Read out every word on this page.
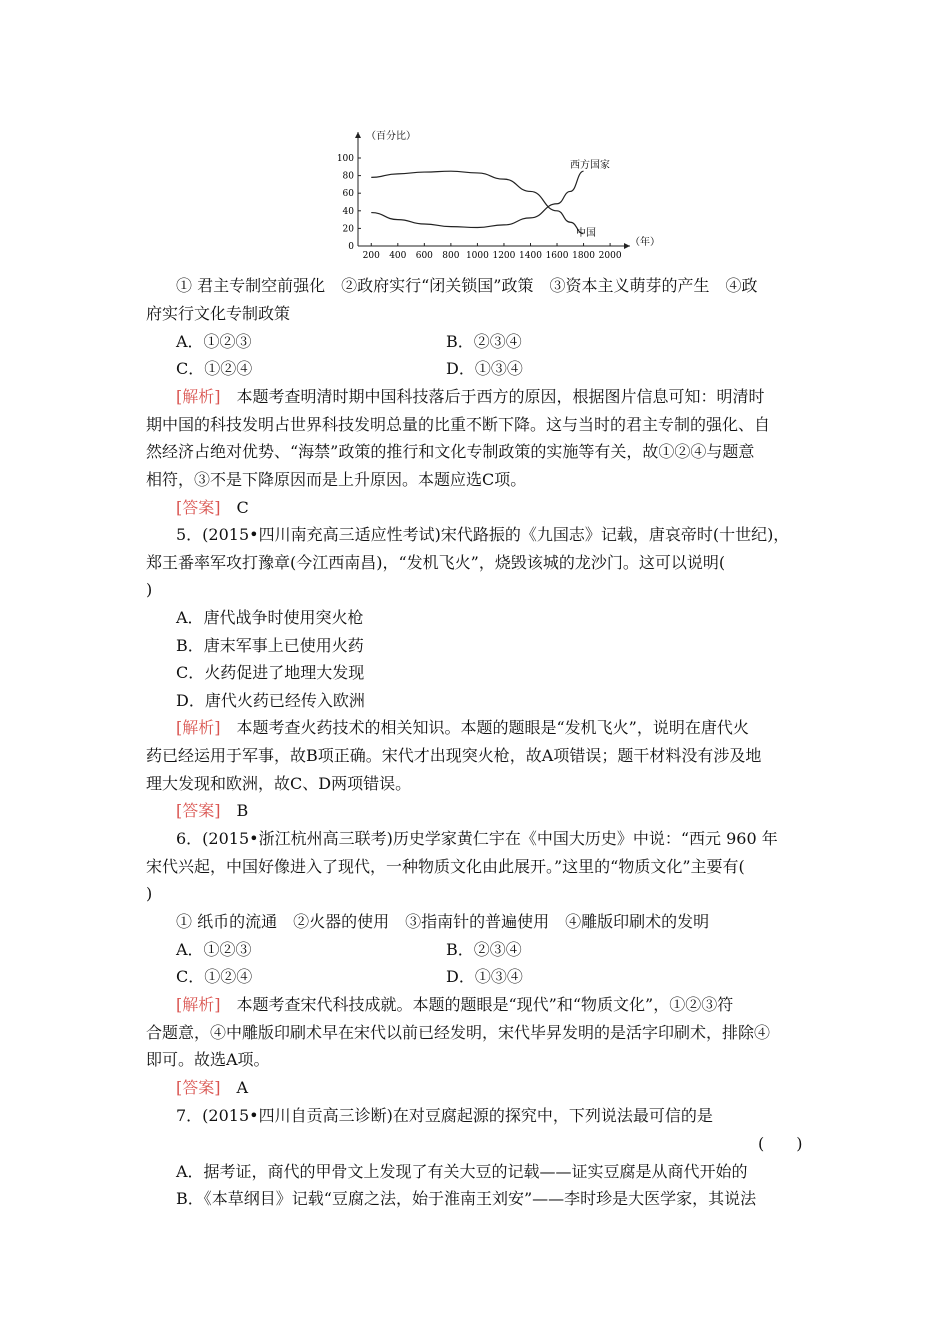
0
20
40
60
80
100
200 400 600 800 1000 1200 1400 1600 1800 2000
（百分比）
（年）
西方国家
中国
① 君主专制空前强化　②政府实行“闭关锁国”政策　③资本主义萌芽的产生　④政
府实行文化专制政策
A．①②③	B．②③④
C．①②④	D．①③④
[解析]　本题考查明清时期中国科技落后于西方的原因，根据图片信息可知：明清时
期中国的科技发明占世界科技发明总量的比重不断下降。这与当时的君主专制的强化、自
然经济占绝对优势、“海禁”政策的推行和文化专制政策的实施等有关，故①②④与题意
相符，③不是下降原因而是上升原因。本题应选C项。
[答案]　C
5．(2015•四川南充高三适应性考试)宋代路振的《九国志》记载，唐哀帝时(十世纪)，
郑王番率军攻打豫章(今江西南昌)，“发机飞火”，烧毁该城的龙沙门。这可以说明(
)
A．唐代战争时使用突火枪
B．唐末军事上已使用火药
C．火药促进了地理大发现
D．唐代火药已经传入欧洲
[解析]　本题考查火药技术的相关知识。本题的题眼是“发机飞火”，说明在唐代火
药已经运用于军事，故B项正确。宋代才出现突火枪，故A项错误；题干材料没有涉及地
理大发现和欧洲，故C、D两项错误。
[答案]　B
6．(2015•浙江杭州高三联考)历史学家黄仁宇在《中国大历史》中说：“西元 960 年
宋代兴起，中国好像进入了现代，一种物质文化由此展开。”这里的“物质文化”主要有(
)
① 纸币的流通　②火器的使用　③指南针的普遍使用　④雕版印刷术的发明
A．①②③	B．②③④
C．①②④	D．①③④
[解析]　本题考查宋代科技成就。本题的题眼是“现代”和“物质文化”，①②③符
合题意，④中雕版印刷术早在宋代以前已经发明，宋代毕昇发明的是活字印刷术，排除④
即可。故选A项。
[答案]　A
7．(2015•四川自贡高三诊断)在对豆腐起源的探究中，下列说法最可信的是
(　　)
A．据考证，商代的甲骨文上发现了有关大豆的记载——证实豆腐是从商代开始的
B．《本草纲目》记载“豆腐之法，始于淮南王刘安”——李时珍是大医学家，其说法
